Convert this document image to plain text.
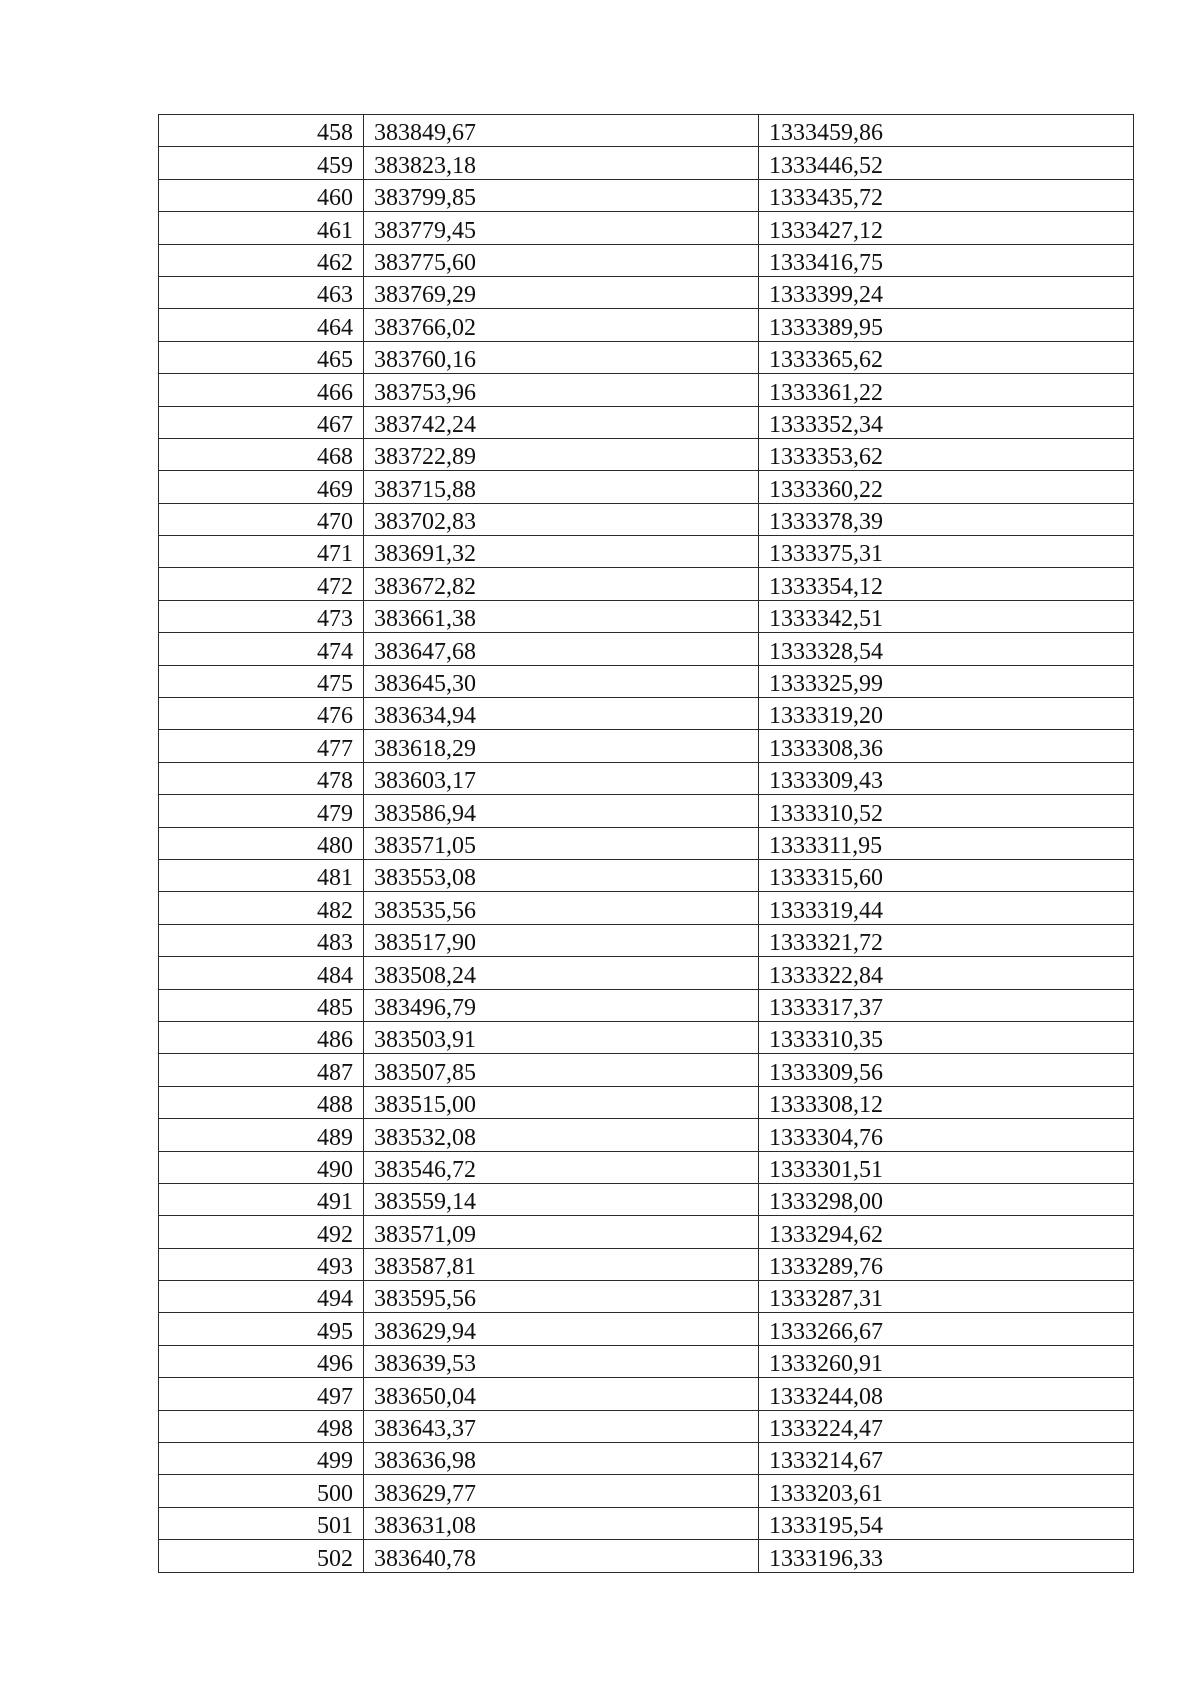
458	383849,67	1333459,86
459	383823,18	1333446,52
460	383799,85	1333435,72
461	383779,45	1333427,12
462	383775,60	1333416,75
463	383769,29	1333399,24
464	383766,02	1333389,95
465	383760,16	1333365,62
466	383753,96	1333361,22
467	383742,24	1333352,34
468	383722,89	1333353,62
469	383715,88	1333360,22
470	383702,83	1333378,39
471	383691,32	1333375,31
472	383672,82	1333354,12
473	383661,38	1333342,51
474	383647,68	1333328,54
475	383645,30	1333325,99
476	383634,94	1333319,20
477	383618,29	1333308,36
478	383603,17	1333309,43
479	383586,94	1333310,52
480	383571,05	1333311,95
481	383553,08	1333315,60
482	383535,56	1333319,44
483	383517,90	1333321,72
484	383508,24	1333322,84
485	383496,79	1333317,37
486	383503,91	1333310,35
487	383507,85	1333309,56
488	383515,00	1333308,12
489	383532,08	1333304,76
490	383546,72	1333301,51
491	383559,14	1333298,00
492	383571,09	1333294,62
493	383587,81	1333289,76
494	383595,56	1333287,31
495	383629,94	1333266,67
496	383639,53	1333260,91
497	383650,04	1333244,08
498	383643,37	1333224,47
499	383636,98	1333214,67
500	383629,77	1333203,61
501	383631,08	1333195,54
502	383640,78	1333196,33
